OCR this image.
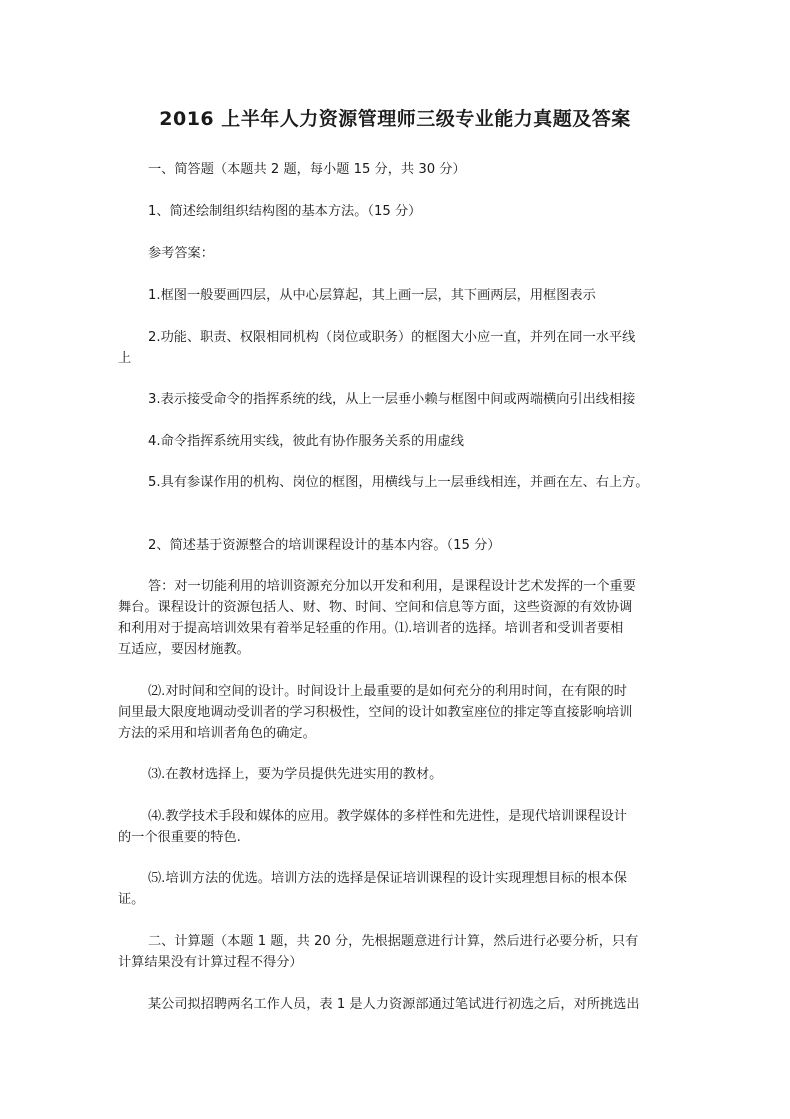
2016 上半年人力资源管理师三级专业能力真题及答案
一、简答题（本题共 2 题，每小题 15 分，共 30 分）
1、简述绘制组织结构图的基本方法。（15 分）
参考答案：
1.框图一般要画四层，从中心层算起，其上画一层，其下画两层，用框图表示
2.功能、职责、权限相同机构（岗位或职务）的框图大小应一直，并列在同一水平线
上
3.表示接受命令的指挥系统的线，从上一层垂小赖与框图中间或两端横向引出线相接
4.命令指挥系统用实线，彼此有协作服务关系的用虚线
5.具有参谋作用的机构、岗位的框图，用横线与上一层垂线相连，并画在左、右上方。
2、简述基于资源整合的培训课程设计的基本内容。（15 分）
答：对一切能利用的培训资源充分加以开发和利用，是课程设计艺术发挥的一个重要
舞台。课程设计的资源包括人、财、物、时间、空间和信息等方面，这些资源的有效协调
和利用对于提高培训效果有着举足轻重的作用。⑴.培训者的选择。培训者和受训者要相
互适应，要因材施教。
⑵.对时间和空间的设计。时间设计上最重要的是如何充分的利用时间，在有限的时
间里最大限度地调动受训者的学习积极性，空间的设计如教室座位的排定等直接影响培训
方法的采用和培训者角色的确定。
⑶.在教材选择上，要为学员提供先进实用的教材。
⑷.教学技术手段和媒体的应用。教学媒体的多样性和先进性，是现代培训课程设计
的一个很重要的特色.
⑸.培训方法的优选。培训方法的选择是保证培训课程的设计实现理想目标的根本保
证。
二、计算题（本题 1 题，共 20 分，先根据题意进行计算，然后进行必要分析，只有
计算结果没有计算过程不得分）
某公司拟招聘两名工作人员，表 1 是人力资源部通过笔试进行初选之后，对所挑选出
